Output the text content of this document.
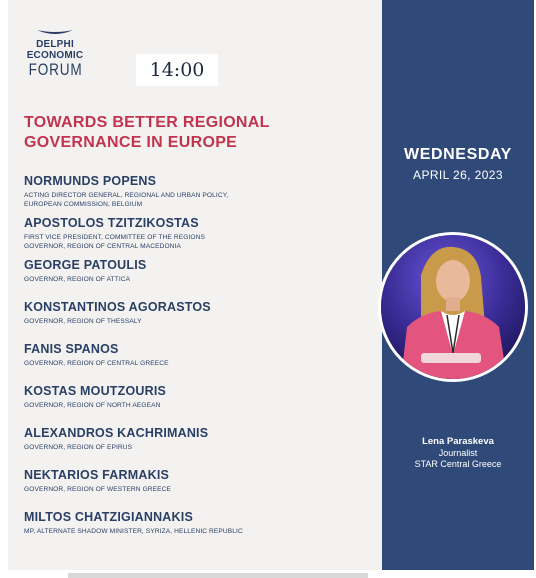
DELPHI
ECONOMIC
FORUM	14:00
TOWARDS BETTER REGIONAL
GOVERNANCE IN EUROPE
NORMUNDS POPENS
ACTING DIRECTOR GENERAL, REGIONAL AND URBAN POLICY,
EUROPEAN COMMISSION, BELGIUM
APOSTOLOS TZITZIKOSTAS
FIRST VICE PRESIDENT, COMMITTEE OF THE REGIONS
GOVERNOR, REGION OF CENTRAL MACEDONIA
GEORGE PATOULIS
GOVERNOR, REGION OF ATTICA
KONSTANTINOS AGORASTOS
GOVERNOR, REGION OF THESSALY
FANIS SPANOS
GOVERNOR, REGION OF CENTRAL GREECE
KOSTAS MOUTZOURIS
GOVERNOR, REGION OF NORTH AEGEAN
ALEXANDROS KACHRIMANIS
GOVERNOR, REGION OF EPIRUS
NEKTARIOS FARMAKIS
GOVERNOR, REGION OF WESTERN GREECE
MILTOS CHATZIGIANNAKIS
MP, ALTERNATE SHADOW MINISTER, SYRIZA, HELLENIC REPUBLIC
WEDNESDAY
APRIL 26, 2023
Lena Paraskeva
Journalist
STAR Central Greece
